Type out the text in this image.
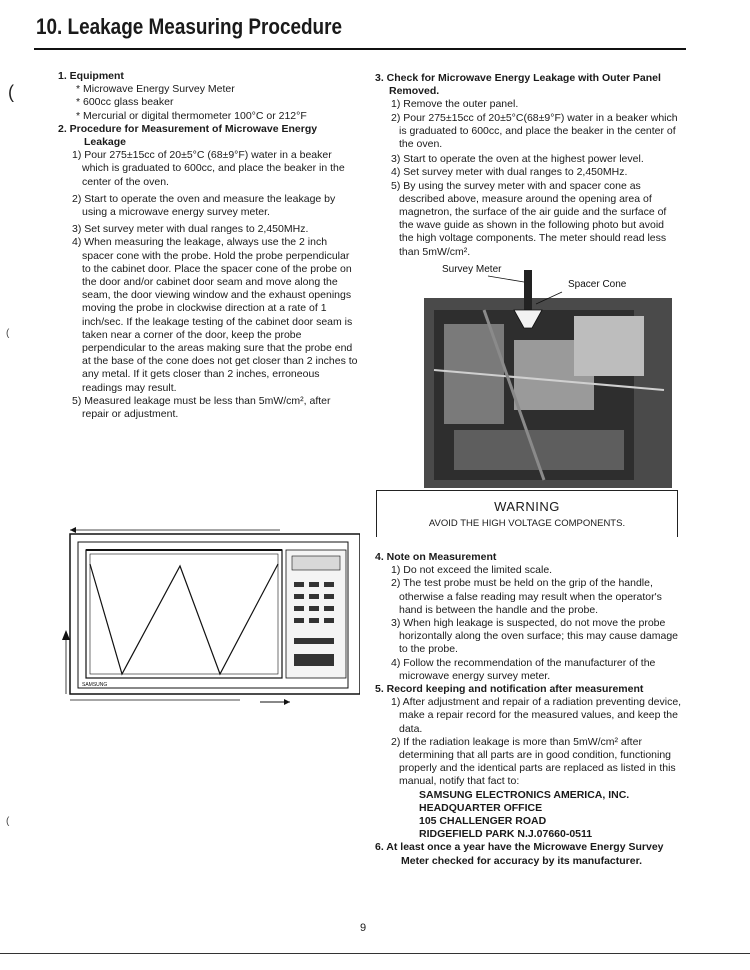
10. Leakage Measuring Procedure
(
(
(

1. Equipment

* Microwave Energy Survey Meter

* 600cc glass beaker

* Mercurial or digital thermometer 100°C or 212°F

2. Procedure for Measurement of Microwave Energy

Leakage

1) Pour 275±15cc of 20±5°C (68±9°F) water in a beaker which is graduated to 600cc, and place the beaker in the center of the oven.

2) Start to operate the oven and measure the leakage by using a microwave energy survey meter.

3) Set survey meter with dual ranges to 2,450MHz.

4) When measuring the leakage, always use the 2 inch spacer cone with the probe. Hold the probe perpendicular to the cabinet door. Place the spacer cone of the probe on the door and/or cabinet door seam and move along the seam, the door viewing window and the exhaust openings moving the probe in clockwise direction at a rate of 1 inch/sec. If the leakage testing of the cabinet door seam is taken near a corner of the door, keep the probe perpendicular to the areas making sure that the probe end at the base of the cone does not get closer than 2 inches to any metal. If it gets closer than 2 inches, erroneous readings may result.

5) Measured leakage must be less than 5mW/cm², after repair or adjustment.

SAMSUNG

3. Check for Microwave Energy Leakage with Outer Panel

Removed.

1) Remove the outer panel.

2) Pour 275±15cc of 20±5°C(68±9°F) water in a beaker which is graduated to 600cc, and place the beaker in the center of the oven.

3) Start to operate the oven at the highest power level.

4) Set survey meter with dual ranges to 2,450MHz.

5) By using the survey meter with and spacer cone as described above, measure around the opening area of magnetron, the surface of the air guide and the surface of the wave guide as shown in the following photo but avoid the high voltage components. The meter should read less than 5mW/cm².

Survey Meter
Spacer Cone
WARNING
AVOID THE HIGH VOLTAGE COMPONENTS.

4. Note on Measurement

1) Do not exceed the limited scale.

2) The test probe must be held on the grip of the handle, otherwise a false reading may result when the operator's hand is between the handle and the probe.

3) When high leakage is suspected, do not move the probe horizontally along the oven surface; this may cause damage to the probe.

4) Follow the recommendation of the manufacturer of the microwave energy survey meter.

5. Record keeping and notification after measurement

1) After adjustment and repair of a radiation preventing device, make a repair record for the measured values, and keep the data.

2) If the radiation leakage is more than 5mW/cm² after determining that all parts are in good condition, functioning properly and the identical parts are replaced as listed in this manual, notify that fact to:

SAMSUNG ELECTRONICS AMERICA, INC.

HEADQUARTER OFFICE

105 CHALLENGER ROAD

RIDGEFIELD PARK N.J.07660-0511

6. At least once a year have the Microwave Energy Survey

Meter checked for accuracy by its manufacturer.

9
